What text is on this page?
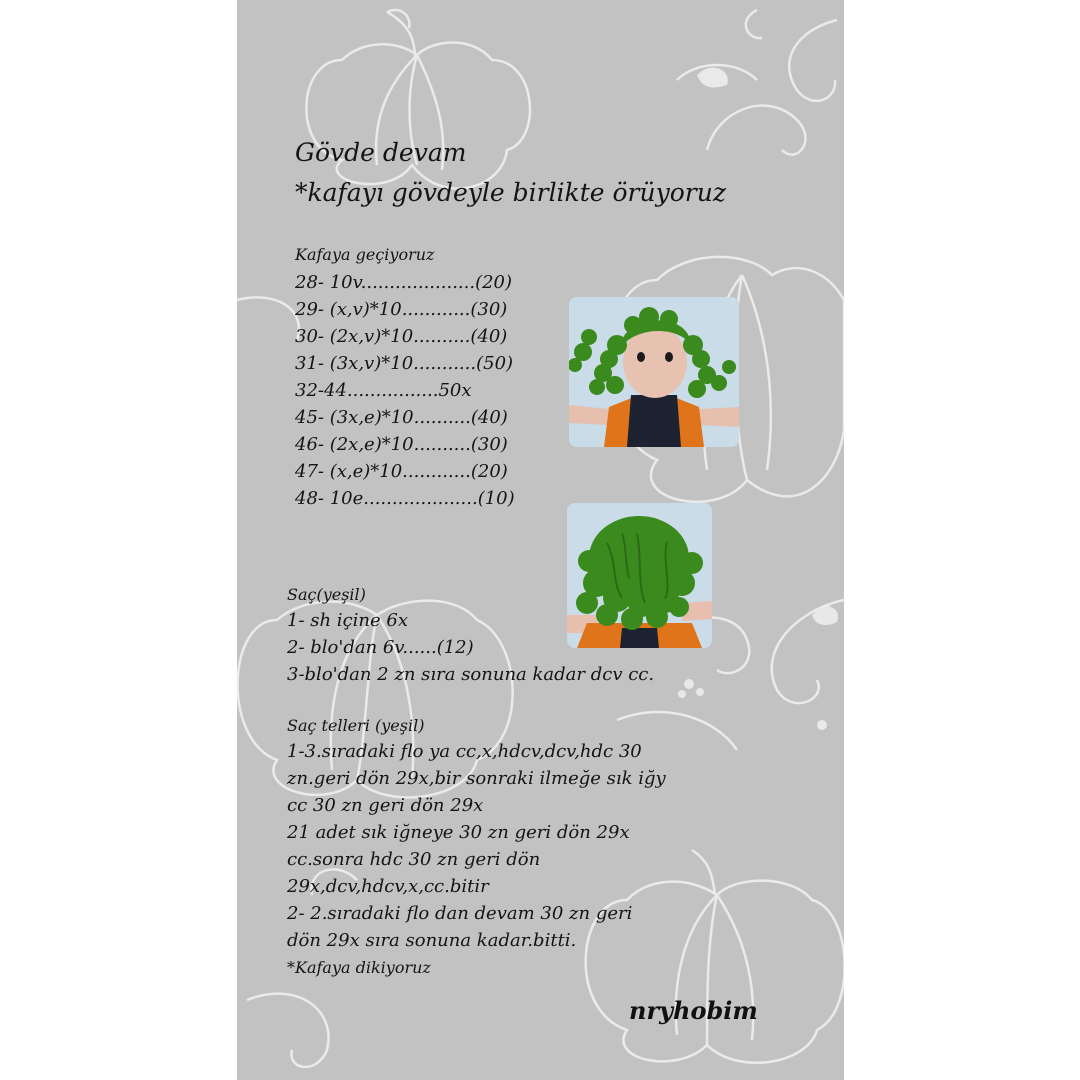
Gövde devam
*kafayı gövdeyle birlikte örüyoruz
Kafaya geçiyoruz
28- 10v....................(20)
29- (x,v)*10............(30)
30- (2x,v)*10..........(40)
31- (3x,v)*10...........(50)
32-44................50x
45- (3x,e)*10..........(40)
46- (2x,e)*10..........(30)
47- (x,e)*10............(20)
48- 10e....................(10)
Saç(yeşil)
1- sh içine 6x
2- blo'dan 6v......(12)
3-blo'dan 2 zn sıra sonuna kadar dcv cc.
Saç telleri (yeşil)
1-3.sıradaki flo ya cc,x,hdcv,dcv,hdc 30
zn.geri dön 29x,bir sonraki ilmeğe sık iğy
cc 30 zn geri dön 29x
21 adet sık iğneye 30 zn geri dön 29x
cc.sonra hdc 30 zn geri dön
29x,dcv,hdcv,x,cc.bitir
2- 2.sıradaki flo dan devam 30 zn geri
dön 29x sıra sonuna kadar.bitti.
*Kafaya dikiyoruz
nryhobim
